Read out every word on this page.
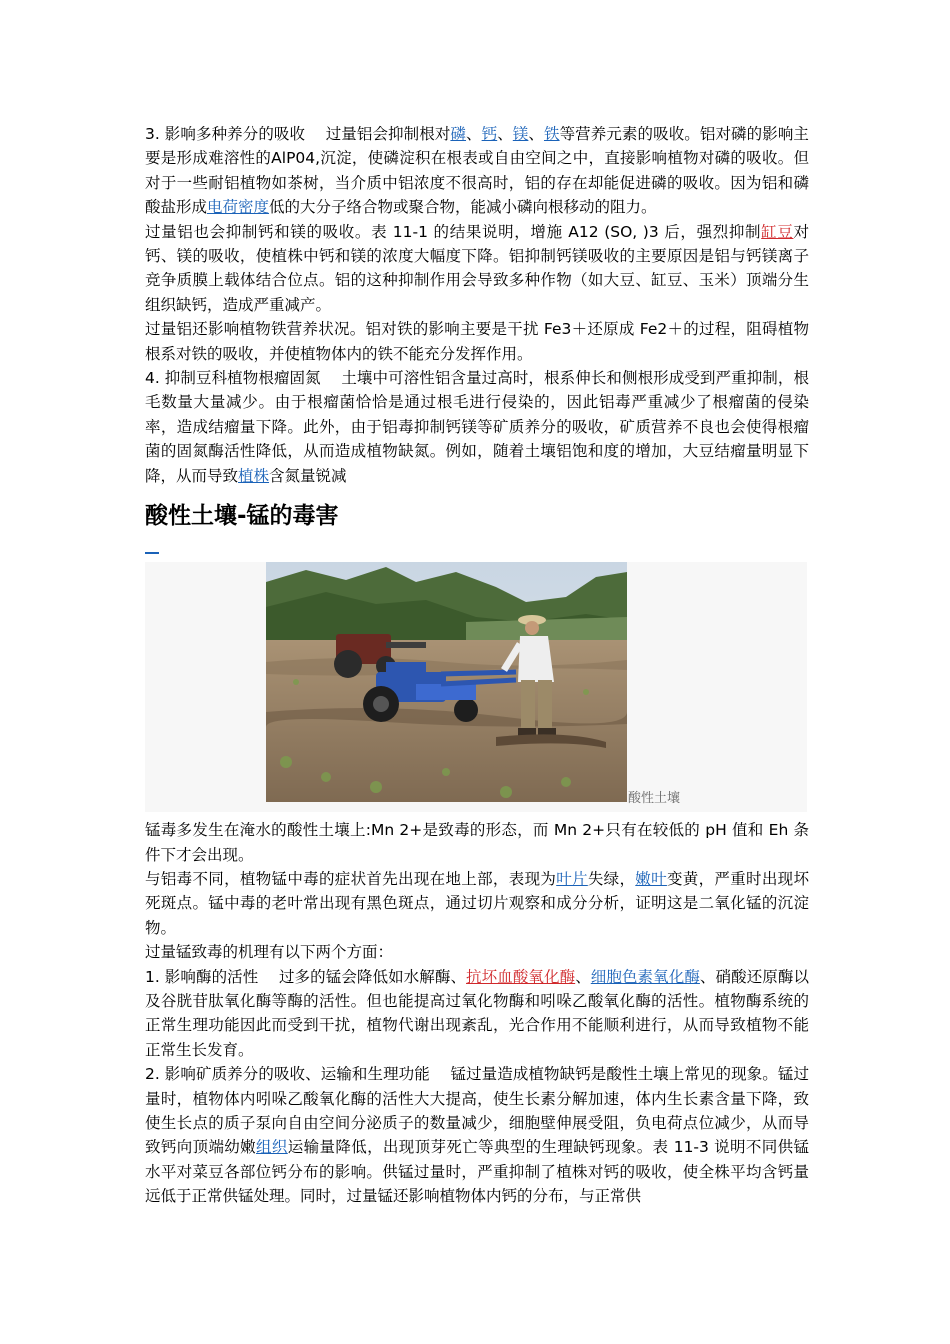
3. 影响多种养分的吸收　 过量铝会抑制根对磷、钙、镁、铁等营养元素的吸收。铝对磷的影响主要是形成难溶性的AlP04,沉淀，使磷淀积在根表或自由空间之中，直接影响植物对磷的吸收。但对于一些耐铝植物如茶树，当介质中铝浓度不很高时，铝的存在却能促进磷的吸收。因为铝和磷酸盐形成电荷密度低的大分子络合物或聚合物，能减小磷向根移动的阻力。

过量铝也会抑制钙和镁的吸收。表 11-1 的结果说明，增施 A12 (SO, )3 后，强烈抑制缸豆对钙、镁的吸收，使植株中钙和镁的浓度大幅度下降。铝抑制钙镁吸收的主要原因是铝与钙镁离子竞争质膜上载体结合位点。铝的这种抑制作用会导致多种作物（如大豆、缸豆、玉米）顶端分生组织缺钙，造成严重减产。

过量铝还影响植物铁营养状况。铝对铁的影响主要是干扰 Fe3＋还原成 Fe2＋的过程，阻碍植物根系对铁的吸收，并使植物体内的铁不能充分发挥作用。

4. 抑制豆科植物根瘤固氮　 土壤中可溶性铝含量过高时，根系伸长和侧根形成受到严重抑制，根毛数量大量减少。由于根瘤菌恰恰是通过根毛进行侵染的，因此铝毒严重减少了根瘤菌的侵染率，造成结瘤量下降。此外，由于铝毒抑制钙镁等矿质养分的吸收，矿质营养不良也会使得根瘤菌的固氮酶活性降低，从而造成植物缺氮。例如，随着土壤铝饱和度的增加，大豆结瘤量明显下降，从而导致植株含氮量锐减

酸性土壤-锰的毒害
酸性土壤

锰毒多发生在淹水的酸性土壤上:Mn 2+是致毒的形态，而 Mn 2+只有在较低的 pH 值和 Eh 条件下才会出现。

与铝毒不同，植物锰中毒的症状首先出现在地上部，表现为叶片失绿，嫩叶变黄，严重时出现坏死斑点。锰中毒的老叶常出现有黑色斑点，通过切片观察和成分分析，证明这是二氧化锰的沉淀物。

过量锰致毒的机理有以下两个方面：

1. 影响酶的活性　 过多的锰会降低如水解酶、抗坏血酸氧化酶、细胞色素氧化酶、硝酸还原酶以及谷胱苷肽氧化酶等酶的活性。但也能提高过氧化物酶和吲哚乙酸氧化酶的活性。植物酶系统的正常生理功能因此而受到干扰，植物代谢出现紊乱，光合作用不能顺利进行，从而导致植物不能正常生长发育。

2. 影响矿质养分的吸收、运输和生理功能　 锰过量造成植物缺钙是酸性土壤上常见的现象。锰过量时，植物体内吲哚乙酸氧化酶的活性大大提高，使生长素分解加速，体内生长素含量下降，致使生长点的质子泵向自由空间分泌质子的数量减少，细胞壁伸展受阻，负电荷点位减少，从而导致钙向顶端幼嫩组织运输量降低，出现顶芽死亡等典型的生理缺钙现象。表 11-3 说明不同供锰水平对菜豆各部位钙分布的影响。供锰过量时，严重抑制了植株对钙的吸收，使全株平均含钙量远低于正常供锰处理。同时，过量锰还影响植物体内钙的分布，与正常供
